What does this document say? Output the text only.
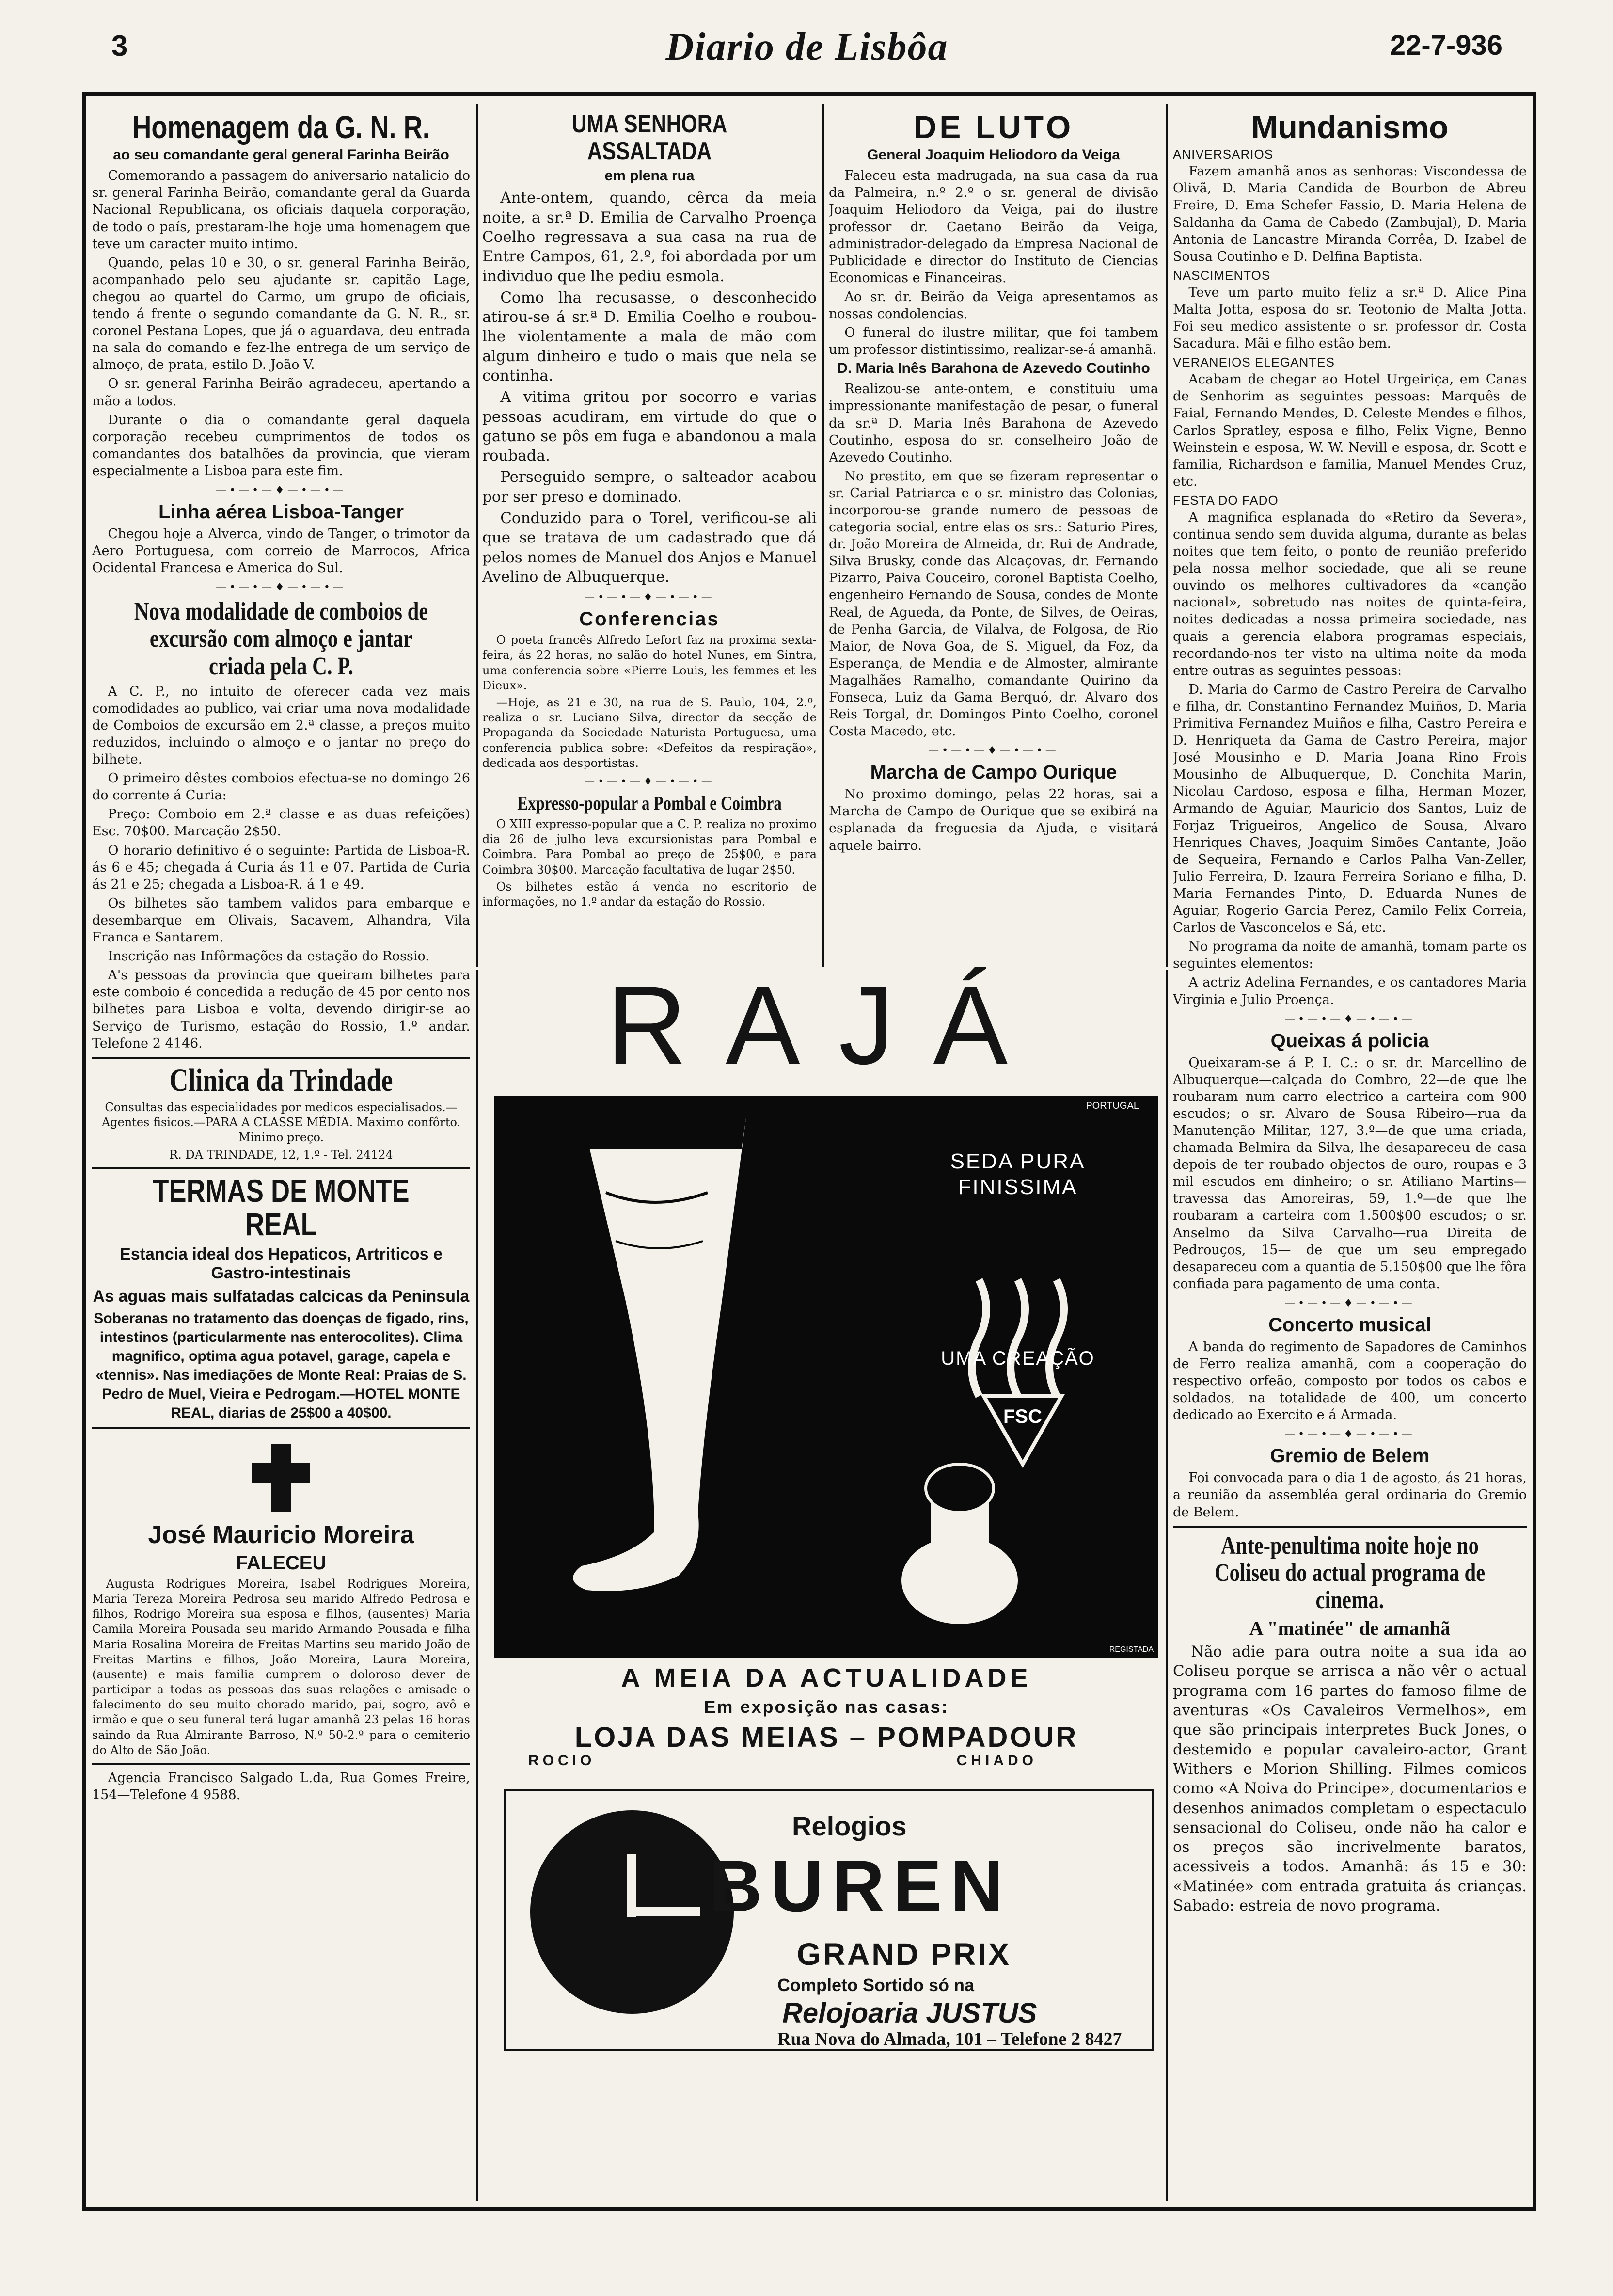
3	Diario de Lisbôa	22-7-936
Homenagem da G. N. R.
ao seu comandante geral general Farinha Beirão

Comemorando a passagem do aniversario natalicio do sr. general Farinha Beirão, comandante geral da Guarda Nacional Republicana, os oficiais daquela corporação, de todo o país, prestaram-lhe hoje uma homenagem que teve um caracter muito intimo.

Quando, pelas 10 e 30, o sr. general Farinha Beirão, acompanhado pelo seu ajudante sr. capitão Lage, chegou ao quartel do Carmo, um grupo de oficiais, tendo á frente o segundo comandante da G. N. R., sr. coronel Pestana Lopes, que já o aguardava, deu entrada na sala do comando e fez-lhe entrega de um serviço de almoço, de prata, estilo D. João V.

O sr. general Farinha Beirão agradeceu, apertando a mão a todos.

Durante o dia o comandante geral daquela corporação recebeu cumprimentos de todos os comandantes dos batalhões da provincia, que vieram especialmente a Lisboa para este fim.

—•—•—♦—•—•—
Linha aérea Lisboa-Tanger

Chegou hoje a Alverca, vindo de Tanger, o trimotor da Aero Portuguesa, com correio de Marrocos, Africa Ocidental Francesa e America do Sul.

—•—•—♦—•—•—
Nova modalidade de comboios de excursão com almoço e jantar criada pela C. P.

A C. P., no intuito de oferecer cada vez mais comodidades ao publico, vai criar uma nova modalidade de Comboios de excursão em 2.ª classe, a preços muito reduzidos, incluindo o almoço e o jantar no preço do bilhete.

O primeiro dêstes comboios efectua-se no domingo 26 do corrente á Curia:

Preço: Comboio em 2.ª classe e as duas refeições) Esc. 70$00. Marcação 2$50.

O horario definitivo é o seguinte: Partida de Lisboa-R. ás 6 e 45; chegada á Curia ás 11 e 07. Partida de Curia ás 21 e 25; chegada a Lisboa-R. á 1 e 49.

Os bilhetes são tambem validos para embarque e desembarque em Olivais, Sacavem, Alhandra, Vila Franca e Santarem.

Inscrição nas Infôrmações da estação do Rossio.

A's pessoas da provincia que queiram bilhetes para este comboio é concedida a redução de 45 por cento nos bilhetes para Lisboa e volta, devendo dirigir-se ao Serviço de Turismo, estação do Rossio, 1.º andar. Telefone 2 4146.

Clinica da Trindade

Consultas das especialidades por medicos especialisados.—Agentes fisicos.—PARA A CLASSE MÉDIA. Maximo confôrto. Minimo preço.

R. DA TRINDADE, 12, 1.º - Tel. 24124

TERMAS DE MONTE REAL
Estancia ideal dos Hepaticos, Artriticos e Gastro-intestinais
As aguas mais sulfatadas calcicas da Peninsula

Soberanas no tratamento das doenças de figado, rins, intestinos (particularmente nas enterocolites). Clima magnifico, optima agua potavel, garage, capela e «tennis». Nas imediações de Monte Real: Praias de S. Pedro de Muel, Vieira e Pedrogam.—HOTEL MONTE REAL, diarias de 25$00 a 40$00.

José Mauricio Moreira
FALECEU

Augusta Rodrigues Moreira, Isabel Rodrigues Moreira, Maria Tereza Moreira Pedrosa seu marido Alfredo Pedrosa e filhos, Rodrigo Moreira sua esposa e filhos, (ausentes) Maria Camila Moreira Pousada seu marido Armando Pousada e filha Maria Rosalina Moreira de Freitas Martins seu marido João de Freitas Martins e filhos, João Moreira, Laura Moreira, (ausente) e mais familia cumprem o doloroso dever de participar a todas as pessoas das suas relações e amisade o falecimento do seu muito chorado marido, pai, sogro, avô e irmão e que o seu funeral terá lugar amanhã 23 pelas 16 horas saindo da Rua Almirante Barroso, N.º 50-2.º para o cemiterio do Alto de São João.

Agencia Francisco Salgado L.da, Rua Gomes Freire, 154—Telefone 4 9588.

UMA SENHORA ASSALTADA
em plena rua

Ante-ontem, quando, cêrca da meia noite, a sr.ª D. Emilia de Carvalho Proença Coelho regressava a sua casa na rua de Entre Campos, 61, 2.º, foi abordada por um individuo que lhe pediu esmola.

Como lha recusasse, o desconhecido atirou-se á sr.ª D. Emilia Coelho e roubou-lhe violentamente a mala de mão com algum dinheiro e tudo o mais que nela se continha.

A vitima gritou por socorro e varias pessoas acudiram, em virtude do que o gatuno se pôs em fuga e abandonou a mala roubada.

Perseguido sempre, o salteador acabou por ser preso e dominado.

Conduzido para o Torel, verificou-se ali que se tratava de um cadastrado que dá pelos nomes de Manuel dos Anjos e Manuel Avelino de Albuquerque.

—•—•—♦—•—•—
Conferencias

O poeta francês Alfredo Lefort faz na proxima sexta-feira, ás 22 horas, no salão do hotel Nunes, em Sintra, uma conferencia sobre «Pierre Louis, les femmes et les Dieux».

—Hoje, as 21 e 30, na rua de S. Paulo, 104, 2.º, realiza o sr. Luciano Silva, director da secção de Propaganda da Sociedade Naturista Portuguesa, uma conferencia publica sobre: «Defeitos da respiração», dedicada aos desportistas.

—•—•—♦—•—•—
Expresso-popular a Pombal e Coimbra

O XIII expresso-popular que a C. P. realiza no proximo dia 26 de julho leva excursionistas para Pombal e Coimbra. Para Pombal ao preço de 25$00, e para Coimbra 30$00. Marcação facultativa de lugar 2$50.

Os bilhetes estão á venda no escritorio de informações, no 1.º andar da estação do Rossio.

DE LUTO
General Joaquim Heliodoro da Veiga

Faleceu esta madrugada, na sua casa da rua da Palmeira, n.º 2.º o sr. general de divisão Joaquim Heliodoro da Veiga, pai do ilustre professor dr. Caetano Beirão da Veiga, administrador-delegado da Empresa Nacional de Publicidade e director do Instituto de Ciencias Economicas e Financeiras.

Ao sr. dr. Beirão da Veiga apresentamos as nossas condolencias.

O funeral do ilustre militar, que foi tambem um professor distintissimo, realizar-se-á amanhã.

D. Maria Inês Barahona de Azevedo Coutinho

Realizou-se ante-ontem, e constituiu uma impressionante manifestação de pesar, o funeral da sr.ª D. Maria Inês Barahona de Azevedo Coutinho, esposa do sr. conselheiro João de Azevedo Coutinho.

No prestito, em que se fizeram representar o sr. Carial Patriarca e o sr. ministro das Colonias, incorporou-se grande numero de pessoas de categoria social, entre elas os srs.: Saturio Pires, dr. João Moreira de Almeida, dr. Rui de Andrade, Silva Brusky, conde das Alcaçovas, dr. Fernando Pizarro, Paiva Couceiro, coronel Baptista Coelho, engenheiro Fernando de Sousa, condes de Monte Real, de Agueda, da Ponte, de Silves, de Oeiras, de Penha Garcia, de Vilalva, de Folgosa, de Rio Maior, de Nova Goa, de S. Miguel, da Foz, da Esperança, de Mendia e de Almoster, almirante Magalhães Ramalho, comandante Quirino da Fonseca, Luiz da Gama Berquó, dr. Alvaro dos Reis Torgal, dr. Domingos Pinto Coelho, coronel Costa Macedo, etc.

—•—•—♦—•—•—
Marcha de Campo Ourique

No proximo domingo, pelas 22 horas, sai a Marcha de Campo de Ourique que se exibirá na esplanada da freguesia da Ajuda, e visitará aquele bairro.

Mundanismo
ANIVERSARIOS

Fazem amanhã anos as senhoras: Viscondessa de Olivã, D. Maria Candida de Bourbon de Abreu Freire, D. Ema Schefer Fassio, D. Maria Helena de Saldanha da Gama de Cabedo (Zambujal), D. Maria Antonia de Lancastre Miranda Corrêa, D. Izabel de Sousa Coutinho e D. Delfina Baptista.

NASCIMENTOS

Teve um parto muito feliz a sr.ª D. Alice Pina Malta Jotta, esposa do sr. Teotonio de Malta Jotta. Foi seu medico assistente o sr. professor dr. Costa Sacadura. Mãi e filho estão bem.

VERANEIOS ELEGANTES

Acabam de chegar ao Hotel Urgeiriça, em Canas de Senhorim as seguintes pessoas: Marquês de Faial, Fernando Mendes, D. Celeste Mendes e filhos, Carlos Spratley, esposa e filho, Felix Vigne, Benno Weinstein e esposa, W. W. Nevill e esposa, dr. Scott e familia, Richardson e familia, Manuel Mendes Cruz, etc.

FESTA DO FADO

A magnifica esplanada do «Retiro da Severa», continua sendo sem duvida alguma, durante as belas noites que tem feito, o ponto de reunião preferido pela nossa melhor sociedade, que ali se reune ouvindo os melhores cultivadores da «canção nacional», sobretudo nas noites de quinta-feira, noites dedicadas a nossa primeira sociedade, nas quais a gerencia elabora programas especiais, recordando-nos ter visto na ultima noite da moda entre outras as seguintes pessoas:

D. Maria do Carmo de Castro Pereira de Carvalho e filha, dr. Constantino Fernandez Muiños, D. Maria Primitiva Fernandez Muiños e filha, Castro Pereira e D. Henriqueta da Gama de Castro Pereira, major José Mousinho e D. Maria Joana Rino Frois Mousinho de Albuquerque, D. Conchita Marin, Nicolau Cardoso, esposa e filha, Herman Mozer, Armando de Aguiar, Mauricio dos Santos, Luiz de Forjaz Trigueiros, Angelico de Sousa, Alvaro Henriques Chaves, Joaquim Simões Cantante, João de Sequeira, Fernando e Carlos Palha Van-Zeller, Julio Ferreira, D. Izaura Ferreira Soriano e filha, D. Maria Fernandes Pinto, D. Eduarda Nunes de Aguiar, Rogerio Garcia Perez, Camilo Felix Correia, Carlos de Vasconcelos e Sá, etc.

No programa da noite de amanhã, tomam parte os seguintes elementos:

A actriz Adelina Fernandes, e os cantadores Maria Virginia e Julio Proença.

—•—•—♦—•—•—
Queixas á policia

Queixaram-se á P. I. C.: o sr. dr. Marcellino de Albuquerque—calçada do Combro, 22—de que lhe roubaram num carro electrico a carteira com 900 escudos; o sr. Alvaro de Sousa Ribeiro—rua da Manutenção Militar, 127, 3.º—de que uma criada, chamada Belmira da Silva, lhe desapareceu de casa depois de ter roubado objectos de ouro, roupas e 3 mil escudos em dinheiro; o sr. Atiliano Martins—travessa das Amoreiras, 59, 1.º—de que lhe roubaram a carteira com 1.500$00 escudos; o sr. Anselmo da Silva Carvalho—rua Direita de Pedrouços, 15— de que um seu empregado desapareceu com a quantia de 5.150$00 que lhe fôra confiada para pagamento de uma conta.

—•—•—♦—•—•—
Concerto musical

A banda do regimento de Sapadores de Caminhos de Ferro realiza amanhã, com a cooperação do respectivo orfeão, composto por todos os cabos e soldados, na totalidade de 400, um concerto dedicado ao Exercito e á Armada.

—•—•—♦—•—•—
Gremio de Belem

Foi convocada para o dia 1 de agosto, ás 21 horas, a reunião da assembléa geral ordinaria do Gremio de Belem.

Ante-penultima noite hoje no Coliseu do actual programa de cinema.
A "matinée" de amanhã

Não adie para outra noite a sua ida ao Coliseu porque se arrisca a não vêr o actual programa com 16 partes do famoso filme de aventuras «Os Cavaleiros Vermelhos», em que são principais interpretes Buck Jones, o destemido e popular cavaleiro-actor, Grant Withers e Morion Shilling. Filmes comicos como «A Noiva do Principe», documentarios e desenhos animados completam o espectaculo sensacional do Coliseu, onde não ha calor e os preços são incrivelmente baratos, acessiveis a todos. Amanhã: ás 15 e 30: «Matinée» com entrada gratuita ás crianças. Sabado: estreia de novo programa.

RAJÁ
PORTUGAL
SEDA PURA FINISSIMA
UMA CREAÇÃO
FSC
REGISTADA
A MEIA DA ACTUALIDADE
Em exposição nas casas:
LOJA DAS MEIAS – POMPADOUR
ROCIO	CHIADO
Relogios
BUREN
GRAND PRIX
Completo Sortido só na
Relojoaria JUSTUS
Rua Nova do Almada, 101 – Telefone 2 8427
